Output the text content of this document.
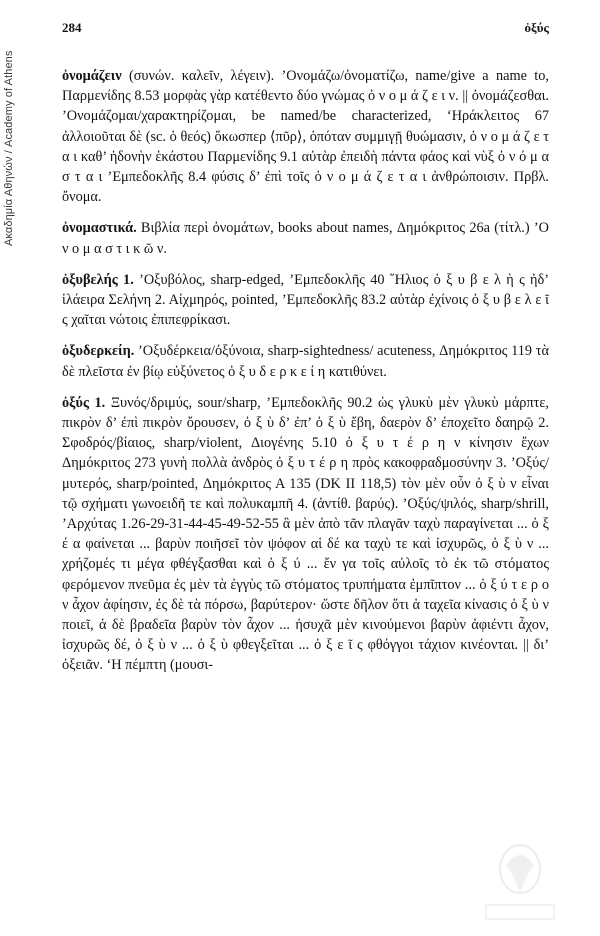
Ακαδημία Αθηνών / Academy of Athens
284	ὀξύς

ὀνομάζειν (συνών. καλεῖν, λέγειν). ’Ονομάζω/ὀνοματίζω, name/give a name to, Παρμενίδης 8.53 μορφὰς γὰρ κατέθεντο δύο γνώμας ὀ ν ο μ ά ζ ε ι ν. || ὀνομάζεσθαι. ’Ονομάζομαι/χαρακτηρίζομαι, be named/be characterized, ‘Ηράκλειτος 67 ἀλλοιοῦται δὲ (sc. ὁ θεός) ὅκωσπερ ⟨πῦρ⟩, ὁπόταν συμμιγῇ θυώμασιν, ὀ ν ο μ ά ζ ε τ α ι καθ’ ἡδονὴν ἑκάστου Παρμενίδης 9.1 αὐτὰρ ἐπειδὴ πάντα φάος καὶ νὺξ ὀ ν ό μ α σ τ α ι ’Εμπεδοκλῆς 8.4 φύσις δ’ ἐπὶ τοῖς ὀ ν ο μ ά ζ ε τ α ι ἀνθρώποισιν. Πρβλ. ὄνομα.

ὀνομαστικά. Βιβλία περὶ ὀνομάτων, books about names, Δημόκριτος 26a (τίτλ.) ’Ο ν ο μ α σ τ ι κ ῶ ν.

ὀξυβελής 1. ’Οξυβόλος, sharp-edged, ’Εμπεδοκλῆς 40 ῞Ηλιος ὀ ξ υ β ε λ ὴ ς ἠδ’ ἱλάειρα Σελήνη 2. Αἰχμηρός, pointed, ’Εμπεδοκλῆς 83.2 αὐτὰρ ἐχίνοις ὀ ξ υ β ε λ ε ῖ ς χαῖται νώτοις ἐπιπεφρίκασι.

ὀξυδερκείη. ’Οξυδέρκεια/ὀξύνοια, sharp-sightedness/ acuteness, Δημόκριτος 119 τὰ δὲ πλεῖστα ἐν βίῳ εὐξύνετος ὀ ξ υ δ ε ρ κ ε ί η κατιθύνει.

ὀξύς 1. Ξυνός/δριμύς, sour/sharp, ’Εμπεδοκλῆς 90.2 ὡς γλυκὺ μὲν γλυκὺ μάρπτε, πικρὸν δ’ ἐπὶ πικρὸν ὄρουσεν, ὀ ξ ὺ δ’ ἐπ’ ὀ ξ ὺ ἔβη, δαερὸν δ’ ἐποχεῖτο δαηρῷ 2. Σφοδρός/βίαιος, sharp/violent, Διογένης 5.10 ὀ ξ υ τ έ ρ η ν κίνησιν ἔχων Δημόκριτος 273 γυνὴ πολλὰ ἀνδρὸς ὀ ξ υ τ έ ρ η πρὸς κακοφραδμοσύνην 3. ’Οξύς/μυτερός, sharp/pointed, Δημόκριτος Α 135 (DK II 118,5) τὸν μὲν οὖν ὀ ξ ὺ ν εἶναι τῷ σχήματι γωνοειδῆ τε καὶ πολυκαμπῆ 4. (ἀντίθ. βαρύς). ’Οξύς/ψιλός, sharp/shrill, ’Αρχύτας 1.26-29-31-44-45-49-52-55 ἃ μὲν ἀπὸ τᾶν πλαγᾶν ταχὺ παραγίνεται ... ὀ ξ έ α φαίνεται ... βαρὺν ποιῆσεῖ τὸν ψόφον αἱ δέ κα ταχὺ τε καὶ ἰσχυρῶς, ὀ ξ ὺ ν ... χρήζομές τι μέγα φθέγξασθαι καὶ ὀ ξ ύ ... ἔν γα τοῖς αὐλοῖς τὸ ἐκ τῶ στόματος φερόμενον πνεῦμα ἐς μὲν τὰ ἐγγὺς τῶ στόματος τρυπήματα ἐμπῖπτον ... ὀ ξ ύ τ ε ρ ο ν ἆχον ἀφίησιν, ἐς δὲ τὰ πόρσω, βαρύτερον· ὥστε δῆλον ὅτι ἁ ταχεῖα κίνασις ὀ ξ ὺ ν ποιεῖ, ἁ δὲ βραδεῖα βαρὺν τὸν ἆχον ... ἡσυχᾶ μὲν κινούμενοι βαρὺν ἀφιέντι ἆχον, ἰσχυρῶς δέ, ὀ ξ ὺ ν ... ὀ ξ ὺ φθεγξεῖται ... ὀ ξ ε ῖ ς φθόγγοι τάχιον κινέονται. || δι’ ὀξειᾶν. ‘Η πέμπτη (μουσι-
